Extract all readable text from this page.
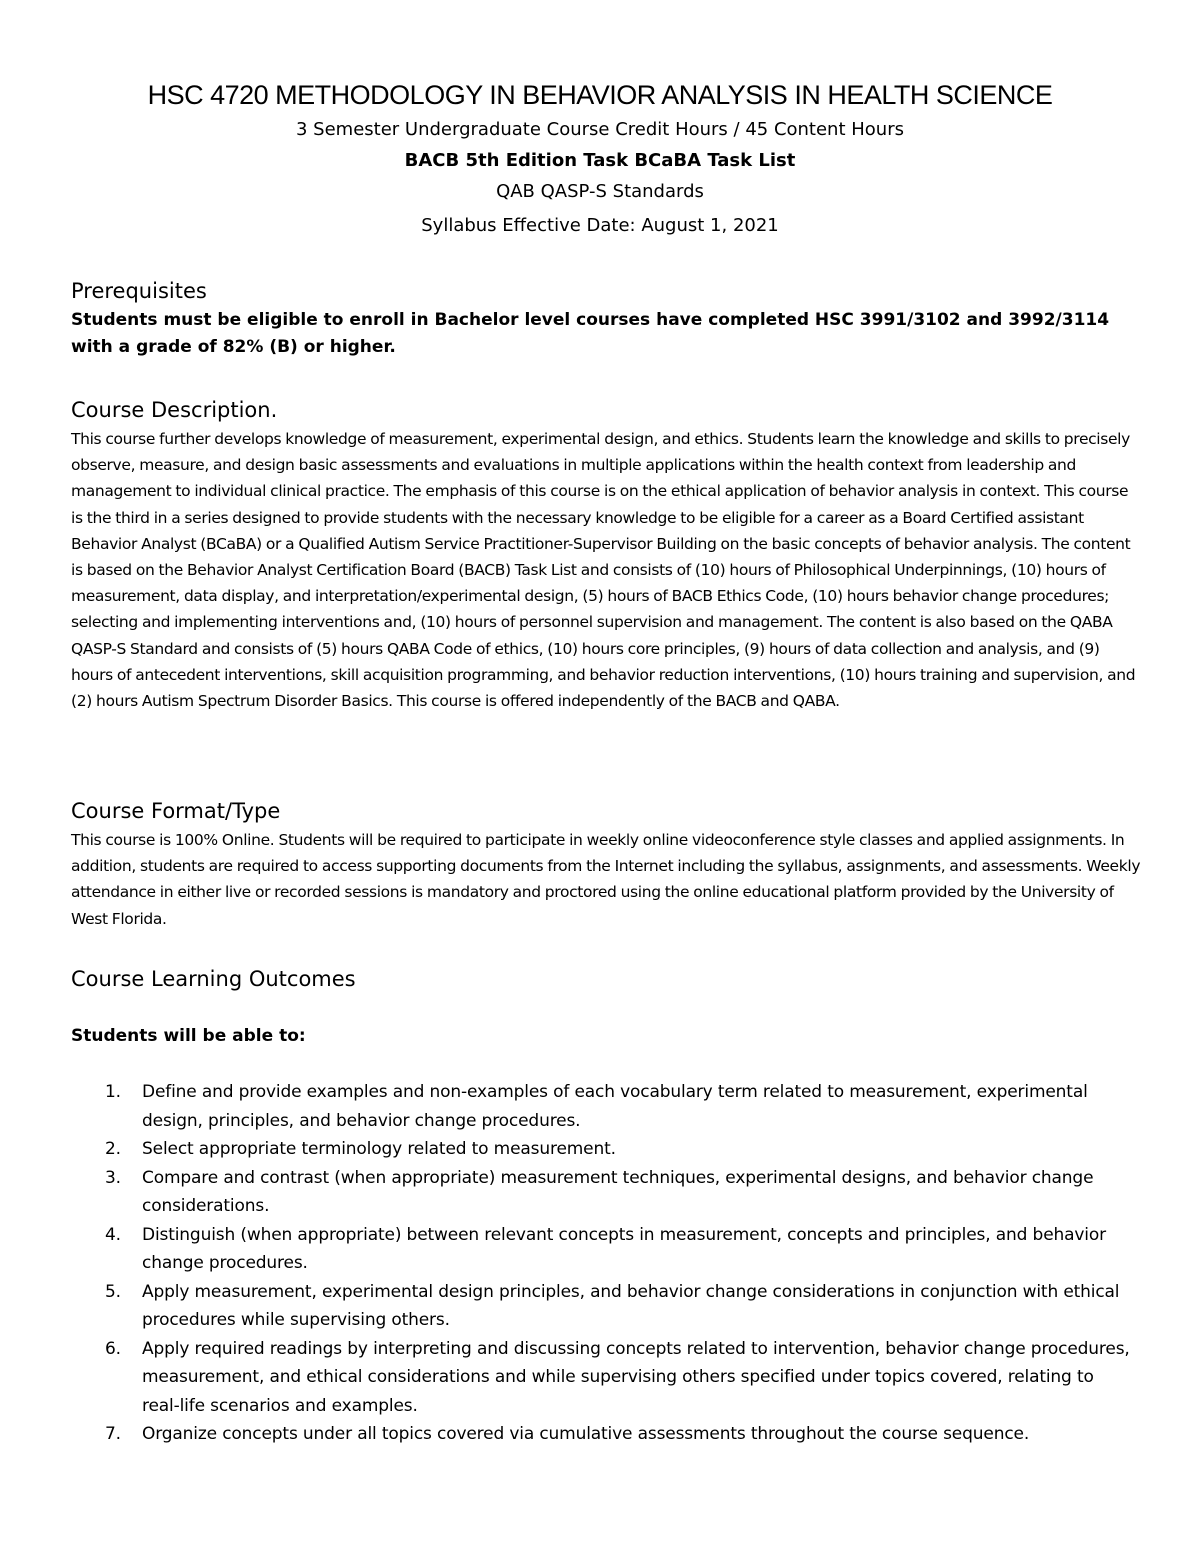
HSC 4720 METHODOLOGY IN BEHAVIOR ANALYSIS IN HEALTH SCIENCE

3 Semester Undergraduate Course Credit Hours / 45 Content Hours

BACB 5th Edition Task BCaBA Task List

QAB QASP-S Standards

Syllabus Effective Date: August 1, 2021

Prerequisites

Students must be eligible to enroll in Bachelor level courses have completed HSC 3991/3102 and 3992/3114 with a grade of 82% (B) or higher.

Course Description.

This course further develops knowledge of measurement, experimental design, and ethics. Students learn the knowledge and skills to precisely observe, measure, and design basic assessments and evaluations in multiple applications within the health context from leadership and management to individual clinical practice. The emphasis of this course is on the ethical application of behavior analysis in context. This course is the third in a series designed to provide students with the necessary knowledge to be eligible for a career as a Board Certified assistant Behavior Analyst (BCaBA) or a Qualified Autism Service Practitioner-Supervisor Building on the basic concepts of behavior analysis. The content is based on the Behavior Analyst Certification Board (BACB) Task List and consists of (10) hours of Philosophical Underpinnings, (10) hours of measurement, data display, and interpretation/experimental design, (5) hours of BACB Ethics Code, (10) hours behavior change procedures; selecting and implementing interventions and, (10) hours of personnel supervision and management. The content is also based on the QABA QASP-S Standard and consists of (5) hours QABA Code of ethics, (10) hours core principles, (9) hours of data collection and analysis, and (9) hours of antecedent interventions, skill acquisition programming, and behavior reduction interventions, (10) hours training and supervision, and (2) hours Autism Spectrum Disorder Basics. This course is offered independently of the BACB and QABA.

Course Format/Type

This course is 100% Online. Students will be required to participate in weekly online videoconference style classes and applied assignments. In addition, students are required to access supporting documents from the Internet including the syllabus, assignments, and assessments. Weekly attendance in either live or recorded sessions is mandatory and proctored using the online educational platform provided by the University of West Florida.

Course Learning Outcomes

Students will be able to:

1. Define and provide examples and non-examples of each vocabulary term related to measurement, experimental design, principles, and behavior change procedures.
2. Select appropriate terminology related to measurement.
3. Compare and contrast (when appropriate) measurement techniques, experimental designs, and behavior change considerations.
4. Distinguish (when appropriate) between relevant concepts in measurement, concepts and principles, and behavior change procedures.
5. Apply measurement, experimental design principles, and behavior change considerations in conjunction with ethical procedures while supervising others.
6. Apply required readings by interpreting and discussing concepts related to intervention, behavior change procedures, measurement, and ethical considerations and while supervising others specified under topics covered, relating to real-life scenarios and examples.
7. Organize concepts under all topics covered via cumulative assessments throughout the course sequence.
